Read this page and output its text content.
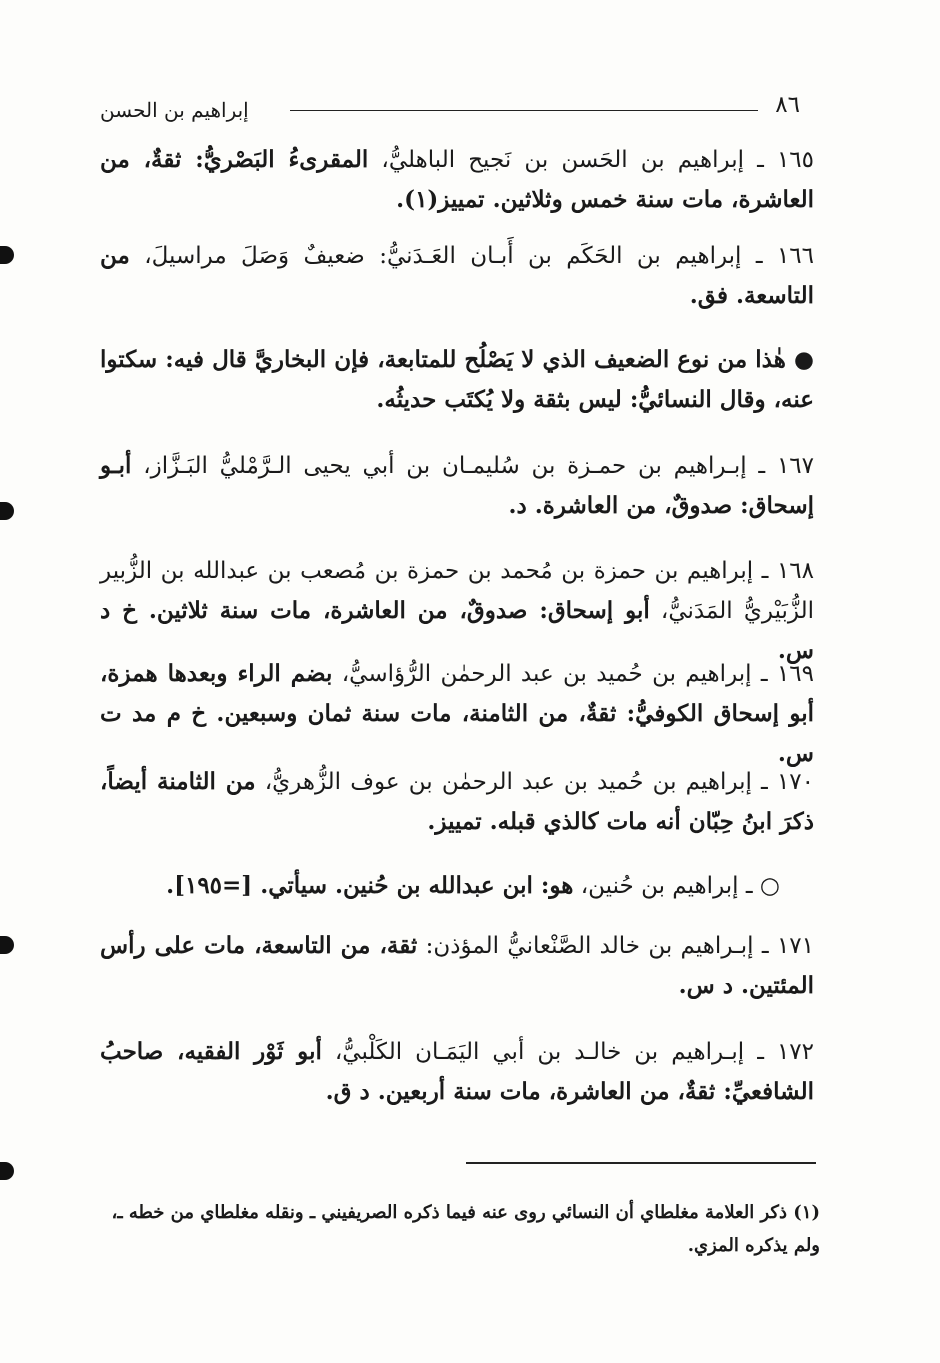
٨٦
إبراهيم بن الحسن
١٦٥ ـ إبراهيم بن الحَسن بن نَجيح الباهليُّ، المقرىءُ البَصْريُّ: ثقةٌ، من العاشرة، مات سنة خمس وثلاثين. تمييز(١).
١٦٦ ـ إبراهيم بن الحَكَم بن أَبـان العَـدَنيُّ: ضعيفٌ وَصَلَ مراسيلَ، من التاسعة. فق.
● هٰذا من نوع الضعيف الذي لا يَصْلُح للمتابعة، فإن البخاريَّ قال فيه: سكتوا عنه، وقال النسائيُّ: ليس بثقة ولا يُكتَب حديثُه.
١٦٧ ـ إبـراهيم بن حمـزة بن سُليمـان بن أبي يحيى الـرَّمْليُّ البَـزَّاز، أبـو إسحاق: صدوقٌ، من العاشرة. د.
١٦٨ ـ إبراهيم بن حمزة بن مُحمد بن حمزة بن مُصعب بن عبدالله بن الزُّبير الزُّبَيْريُّ المَدَنيُّ، أبو إسحاق: صدوقٌ، من العاشرة، مات سنة ثلاثين. خ د س.
١٦٩ ـ إبراهيم بن حُميد بن عبد الرحمٰن الرُّؤاسيُّ، بضم الراء وبعدها همزة، أبو إسحاق الكوفيُّ: ثقةٌ، من الثامنة، مات سنة ثمان وسبعين. خ م مد ت س.
١٧٠ ـ إبراهيم بن حُميد بن عبد الرحمٰن بن عوف الزُّهريُّ، من الثامنة أيضاً، ذكرَ ابنُ حِبّان أنه مات كالذي قبله. تمييز.
○ ـ إبراهيم بن حُنين، هو: ابن عبدالله بن حُنين. سيأتي. [=١٩٥].
١٧١ ـ إبـراهيم بن خالد الصَّنْعانيُّ المؤذن: ثقة، من التاسعة، مات على رأس المئتين. د س.
١٧٢ ـ إبـراهيم بن خالـد بن أبي اليَمَـان الكَلْبيُّ، أبو ثَوْر الفقيه، صاحبُ الشافعيِّ: ثقةٌ، من العاشرة، مات سنة أربعين. د ق.
(١) ذكر العلامة مغلطاي أن النسائي روى عنه فيما ذكره الصريفيني ـ ونقله مغلطاي من خطه ـ، ولم يذكره المزي.
